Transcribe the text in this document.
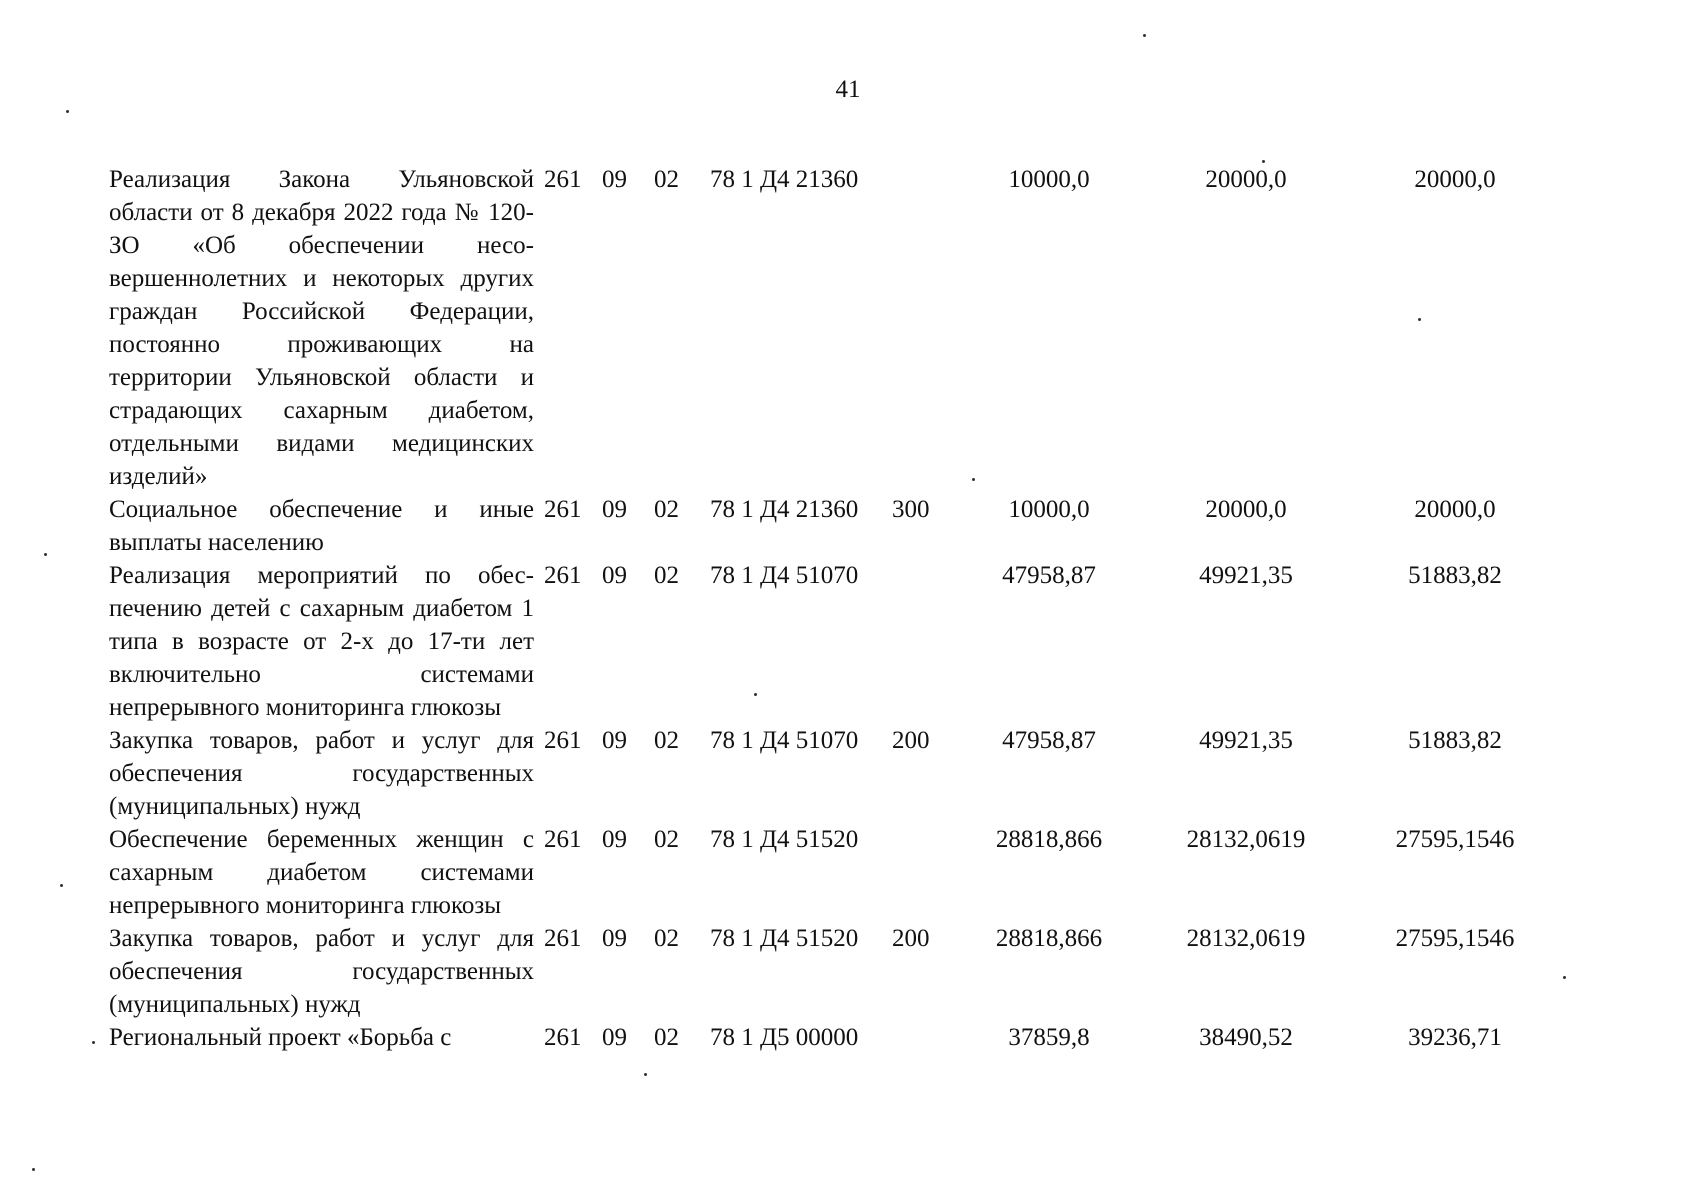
41
Реализация Закона Ульяновской области от 8 декабря 2022 года № 120-ЗО «Об обеспечении несовершеннолетних и некоторых других граждан Российской Федерации, постоянно проживающих на территории Ульяновской области и страдающих сахарным диабетом, отдельными видами медицинских изделий»	261	09	02	78 1 Д4 21360		10000,0	20000,0	20000,0

Социальное обеспечение и иные выплаты населению	261	09	02	78 1 Д4 21360	300	10000,0	20000,0	20000,0

Реализация мероприятий по обеспечению детей с сахарным диабетом 1 типа в возрасте от 2-х до 17-ти лет включительно системами непрерывного мониторинга глюкозы	261	09	02	78 1 Д4 51070		47958,87	49921,35	51883,82

Закупка товаров, работ и услуг для обеспечения государственных (муниципальных) нужд	261	09	02	78 1 Д4 51070	200	47958,87	49921,35	51883,82

Обеспечение беременных женщин с сахарным диабетом системами непрерывного мониторинга глюкозы	261	09	02	78 1 Д4 51520		28818,866	28132,0619	27595,1546

Закупка товаров, работ и услуг для обеспечения государственных (муниципальных) нужд	261	09	02	78 1 Д4 51520	200	28818,866	28132,0619	27595,1546

Региональный проект «Борьба с	261	09	02	78 1 Д5 00000		37859,8	38490,52	39236,71
